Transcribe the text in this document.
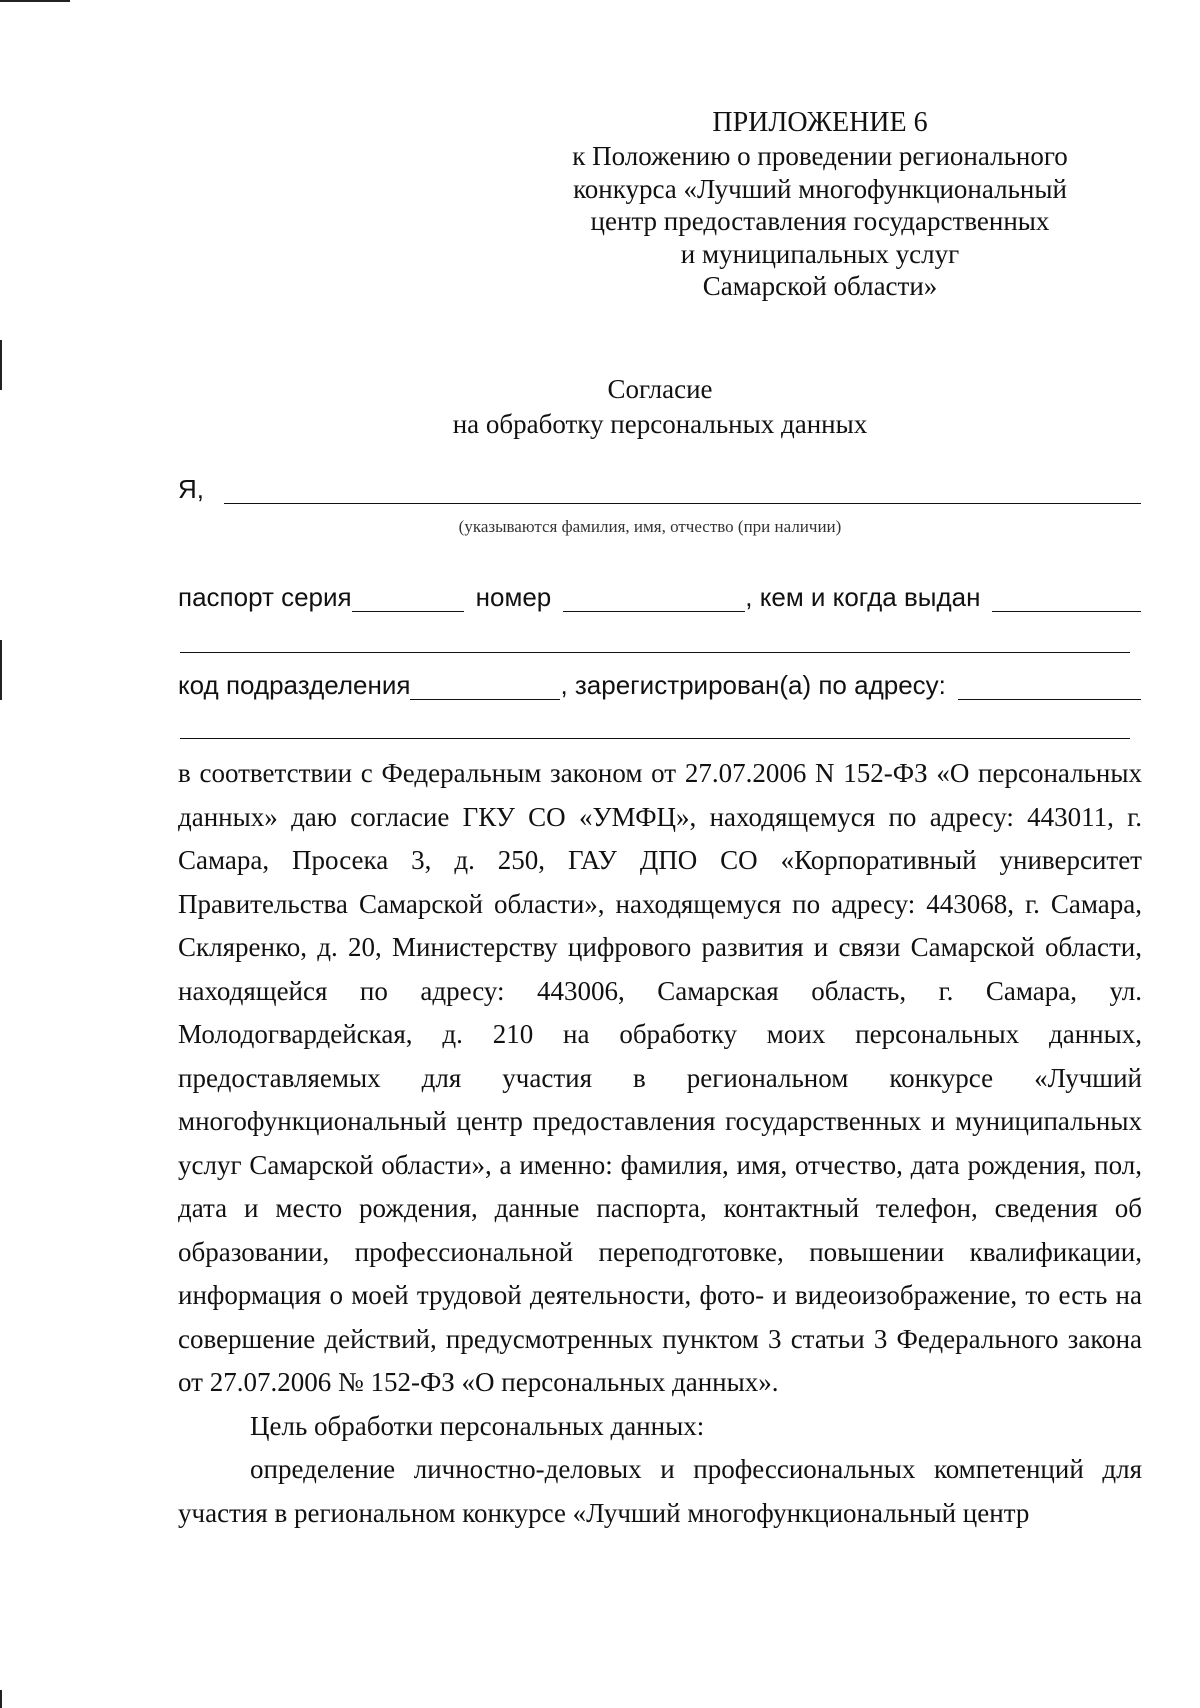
ПРИЛОЖЕНИЕ 6
к Положению о проведении регионального
конкурса «Лучший многофункциональный
центр предоставления государственных
и муниципальных услуг
Самарской области»
Согласие
на обработку персональных данных
Я,
(указываются фамилия, имя, отчество (при наличии)
паспорт серия	номер	, кем и когда выдан
код подразделения	, зарегистрирован(а) по адресу:

в соответствии с Федеральным законом от 27.07.2006 N 152-ФЗ «О персональных данных» даю согласие ГКУ СО «УМФЦ», находящемуся по адресу: 443011, г. Самара, Просека 3, д. 250, ГАУ ДПО СО «Корпоративный университет Правительства Самарской области», находящемуся по адресу: 443068, г. Самара, Скляренко, д. 20, Министерству цифрового развития и связи Самарской области, находящейся по адресу: 443006, Самарская область, г. Самара, ул. Молодогвардейская, д. 210 на обработку моих персональных данных, предоставляемых для участия в региональном конкурсе «Лучший многофункциональный центр предоставления государственных и муниципальных услуг Самарской области», а именно: фамилия, имя, отчество, дата рождения, пол, дата и место рождения, данные паспорта, контактный телефон, сведения об образовании, профессиональной переподготовке, повышении квалификации, информация о моей трудовой деятельности, фото- и видеоизображение, то есть на совершение действий, предусмотренных пунктом 3 статьи 3 Федерального закона от 27.07.2006 № 152-ФЗ «О персональных данных».

Цель обработки персональных данных:

определение личностно-деловых и профессиональных компетенций для участия в региональном конкурсе «Лучший многофункциональный центр
